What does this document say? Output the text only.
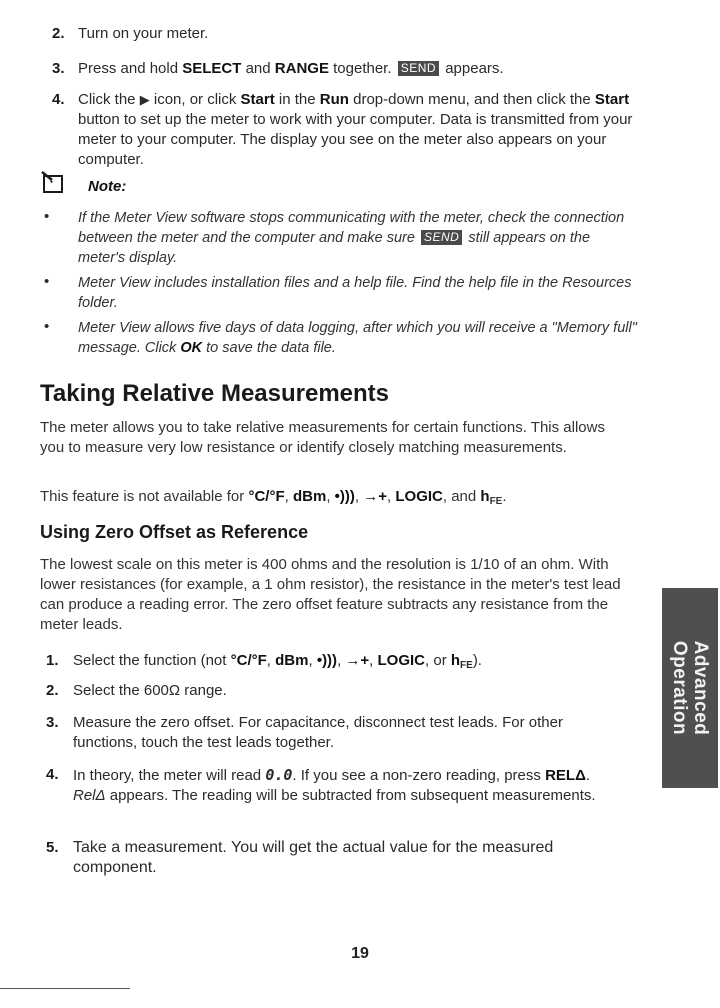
2. Turn on your meter.
3. Press and hold SELECT and RANGE together. SEND appears.
4. Click the ▶ icon, or click Start in the Run drop-down menu, and then click the Start button to set up the meter to work with your computer. Data is transmitted from your meter to your computer. The display you see on the meter also appears on your computer.
Note:
•	If the Meter View software stops communicating with the meter, check the connection between the meter and the computer and make sure SEND still appears on the meter's display.
•	Meter View includes installation files and a help file. Find the help file in the Resources folder.
•	Meter View allows five days of data logging, after which you will receive a "Memory full" message. Click OK to save the data file.
Taking Relative Measurements
The meter allows you to take relative measurements for certain functions. This allows you to measure very low resistance or identify closely matching measurements.
This feature is not available for °C/°F, dBm, •))), →+, LOGIC, and $h_{FE}$.
Using Zero Offset as Reference
The lowest scale on this meter is 400 ohms and the resolution is 1/10 of an ohm. With lower resistances (for example, a 1 ohm resistor), the resistance in the meter's test lead can produce a reading error. The zero offset feature subtracts any resistance from the meter leads.
1. Select the function (not °C/°F, dBm, •))), →+, LOGIC, or $h_{FE}$).
2. Select the 600Ω range.
3. Measure the zero offset. For capacitance, disconnect test leads. For other functions, touch the test leads together.
4. In theory, the meter will read 0.0. If you see a non-zero reading, press RELΔ. RelΔ appears. The reading will be subtracted from subsequent measurements.
5. Take a measurement. You will get the actual value for the measured component.
Advanced
Operation
19
